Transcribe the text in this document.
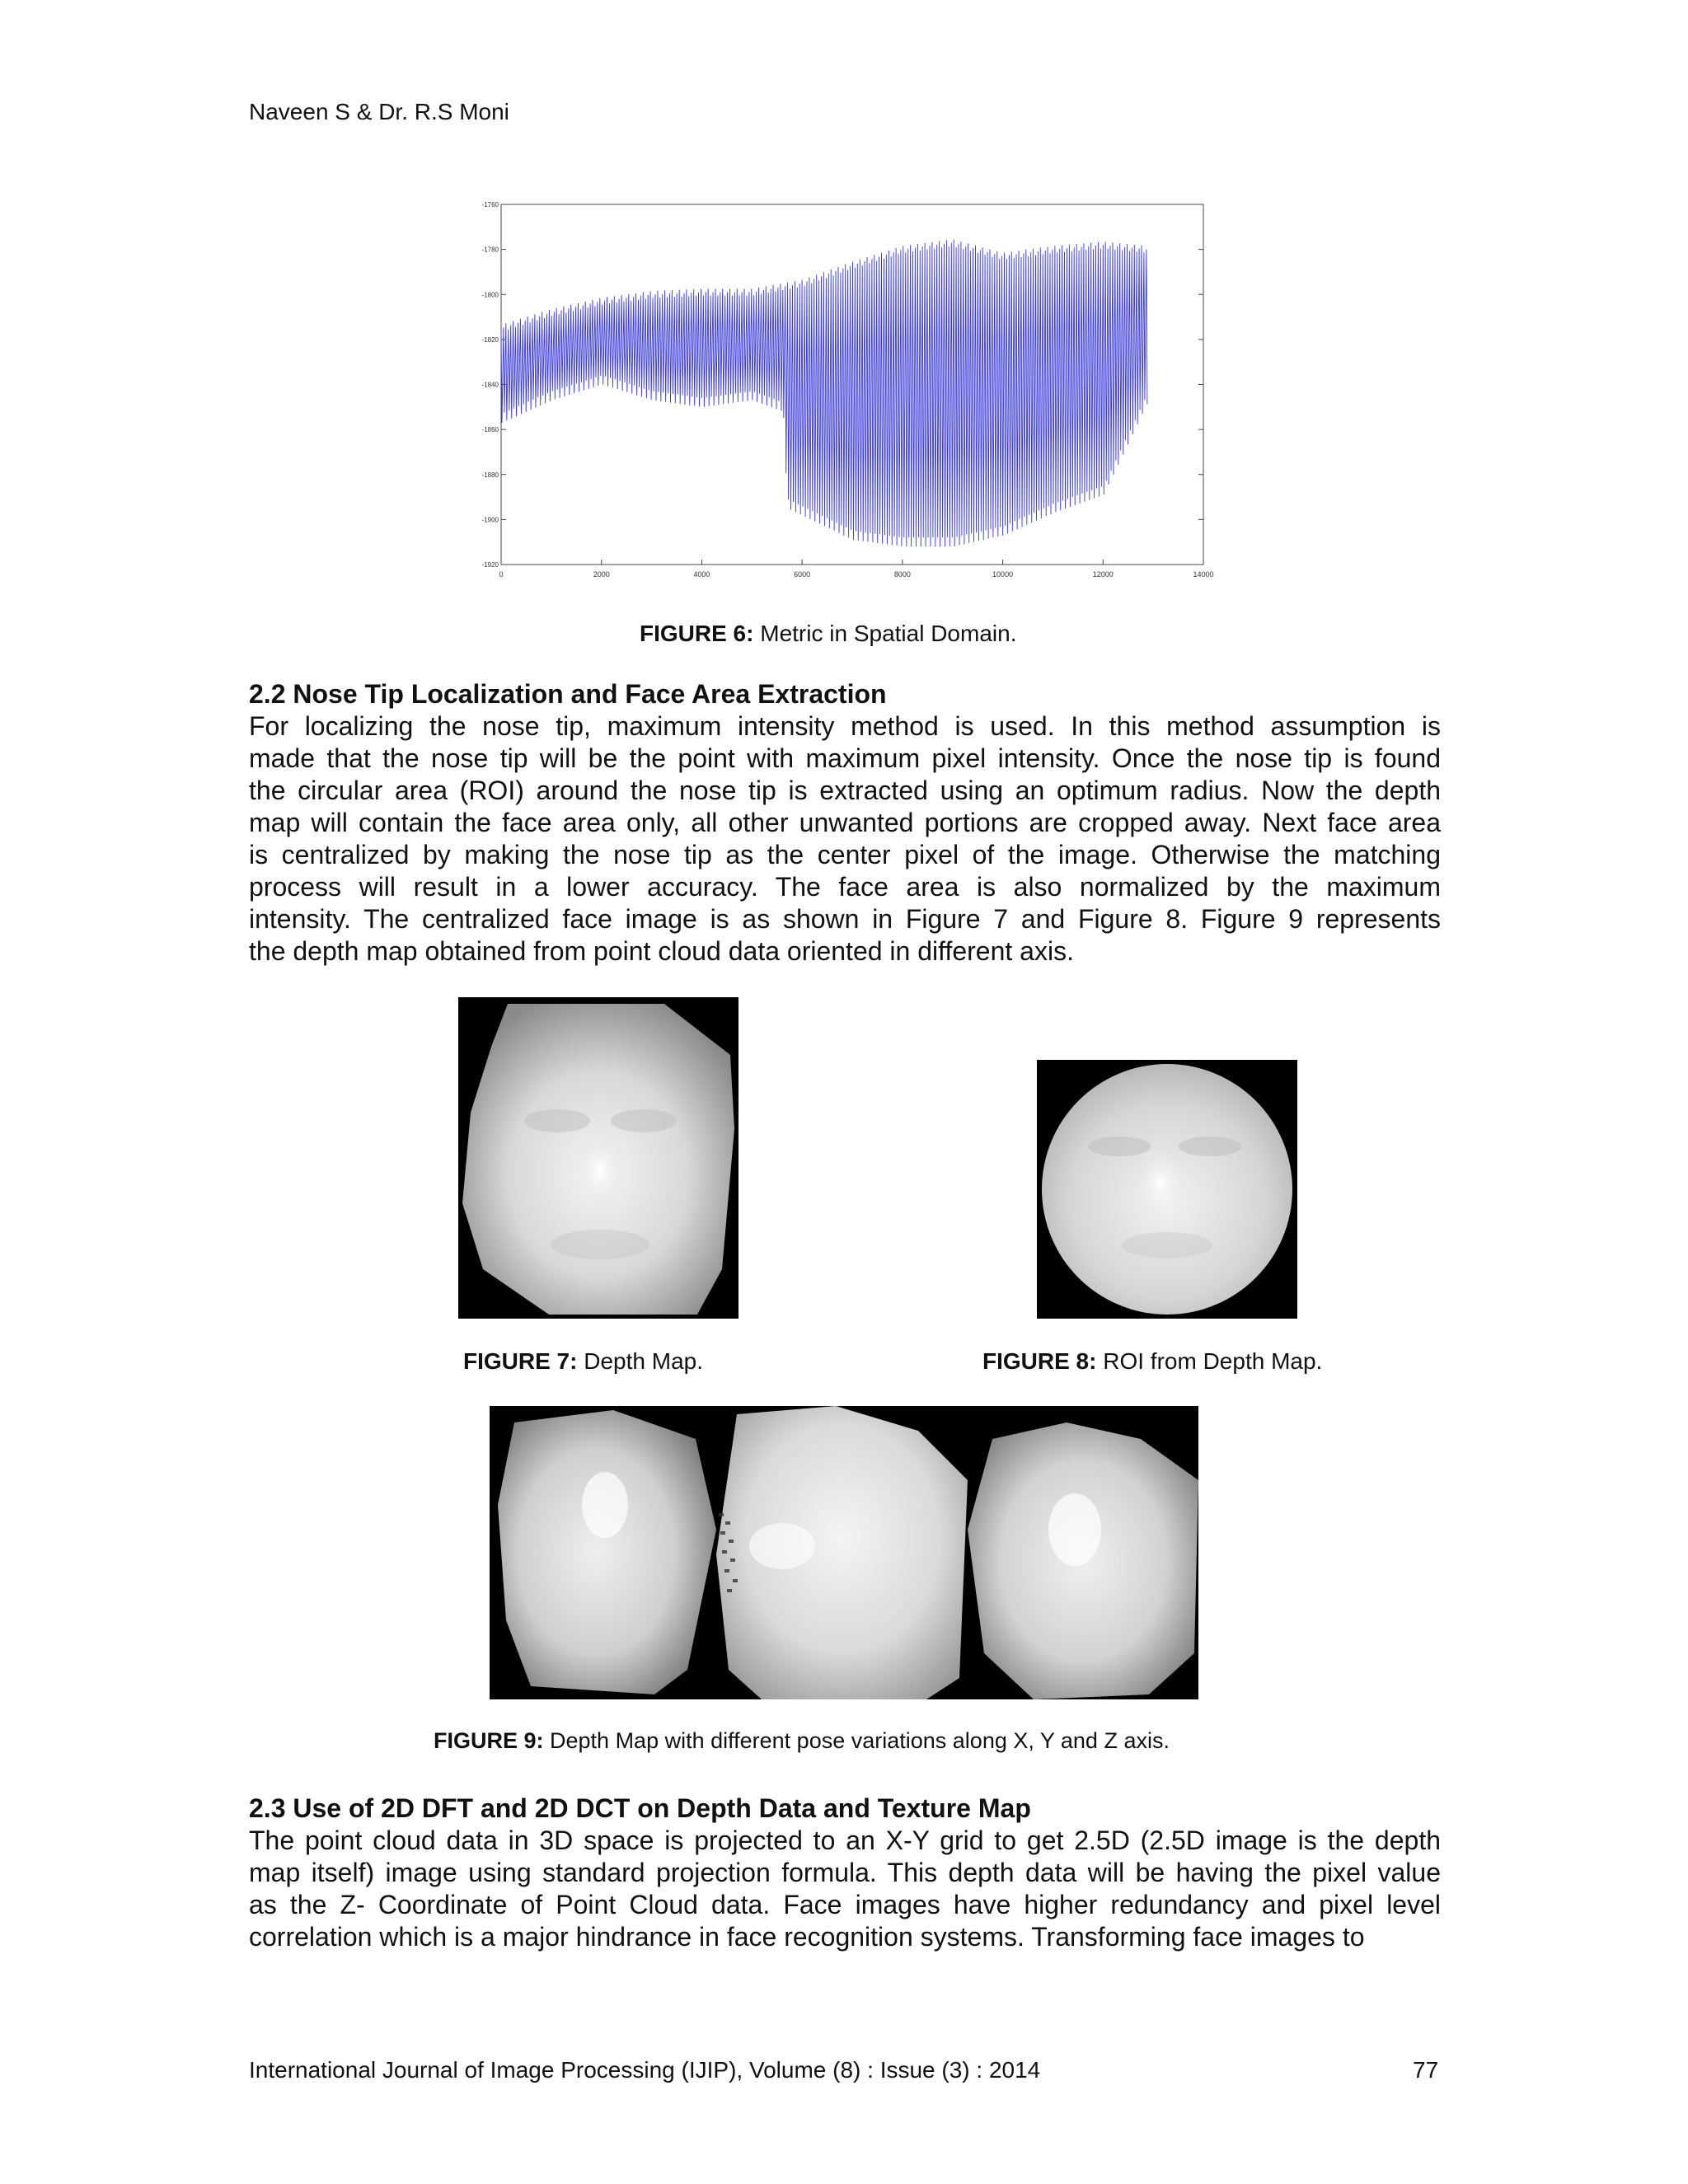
Naveen S & Dr. R.S Moni
0	2000	4000	6000	8000	10000	12000	14000
-1760
-1780
-1800
-1820
-1840
-1860
-1880
-1900
-1920
FIGURE 6: Metric in Spatial Domain.
2.2 Nose Tip Localization and Face Area Extraction
For localizing the nose tip, maximum intensity method is used. In this method assumption is
made that the nose tip will be the point with maximum pixel intensity. Once the nose tip is found
the circular area (ROI) around the nose tip is extracted using an optimum radius. Now the depth
map will contain the face area only, all other unwanted portions are cropped away. Next face area
is centralized by making the nose tip as the center pixel of the image. Otherwise the matching
process will result in a lower accuracy. The face area is also normalized by the maximum
intensity. The centralized face image is as shown in Figure 7 and Figure 8. Figure 9 represents
the depth map obtained from point cloud data oriented in different axis.
FIGURE 7: Depth Map.	FIGURE 8: ROI from Depth Map.
FIGURE 9: Depth Map with different pose variations along X, Y and Z axis.
2.3 Use of 2D DFT and 2D DCT on Depth Data and Texture Map
The point cloud data in 3D space is projected to an X-Y grid to get 2.5D (2.5D image is the depth
map itself) image using standard projection formula. This depth data will be having the pixel value
as the Z- Coordinate of Point Cloud data. Face images have higher redundancy and pixel level
correlation which is a major hindrance in face recognition systems. Transforming face images to
International Journal of Image Processing (IJIP), Volume (8) : Issue (3) : 2014	77
